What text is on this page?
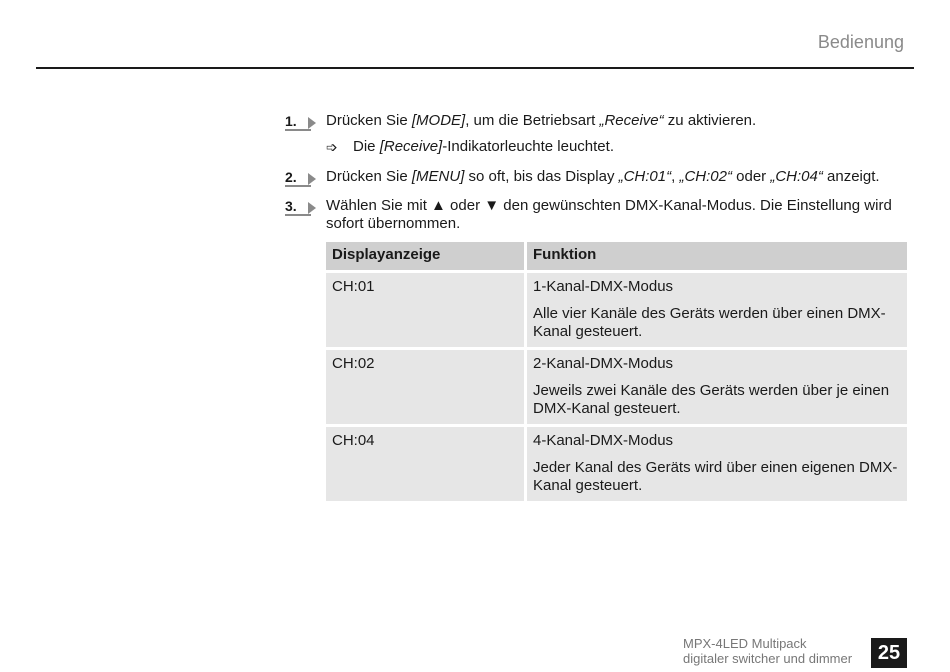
Bedienung
1.	Drücken Sie [MODE], um die Betriebsart „Receive“ zu aktivieren.
➩ Die [Receive]-Indikatorleuchte leuchtet.
2.	Drücken Sie [MENU] so oft, bis das Display „CH:01“, „CH:02“ oder „CH:04“ anzeigt.
3.	Wählen Sie mit ▲ oder ▼ den gewünschten DMX-Kanal-Modus. Die Einstellung wird sofort übernommen.
Displayanzeige	Funktion
CH:01	1-Kanal-DMX-Modus

Alle vier Kanäle des Geräts werden über einen DMX-Kanal gesteuert.

CH:02	2-Kanal-DMX-Modus

Jeweils zwei Kanäle des Geräts werden über je einen DMX-Kanal gesteuert.

CH:04	4-Kanal-DMX-Modus

Jeder Kanal des Geräts wird über einen eigenen DMX-Kanal gesteuert.

MPX-4LED Multipack
digitaler switcher und dimmer	25
